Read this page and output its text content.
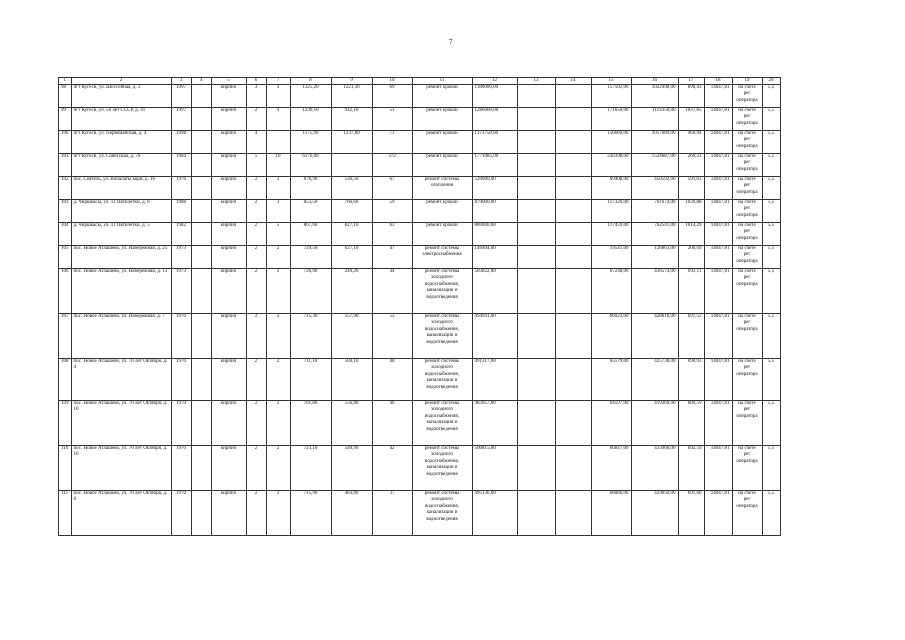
7
1	2	3	4	5	6	7	8	9	10	11	12	13	14	15	16	17	18	19	20
98	пгт Кугеси, ул. Шоссейная, д. 2	1997		кирпич	3	3	1325,20	1221,30	69	ремонт кровли	1180000,00			157502,00	1022498,00	890,43	14047,81	на счете рег оператора	5,5
99	пгт Кугеси, ул. 50 лет СССР, д. 41	1997		кирпич	2	4	1239,10	942,10	51	ремонт кровли	1286000,00			171650,00	1114350,00	1037,85	14047,81	на счете рег оператора	5,5
100	пгт Кугеси, ул. Первомайская, д. 4	1998		кирпич	4		1175,90	1237,80	71	ремонт кровли	1173758,00			156669,00	1017089,00	960,94	14047,81	на счете рег оператора	5,5
101	пгт Кугеси, ул. Советская, д. 76	1984		кирпич	5	10	6376,00		372	ремонт кровли	1771085,00			236398,00	1534687,00	269,33	14047,81	на счете рег оператора	5,5
102	пос. Сеятель, ул. Вопалаты кори, д. 16	1976		кирпич	2	3	878,90	530,50	67	ремонт системы отопления	520000,00			69408,00	450592,00	591,63	14047,81	на счете рег оператора	5,5
103	д. Чиршкасы, ул. 11 Пятилетки, д. 6	1988		кирпич	2	3	853,50	766,60	59	ремонт кровли	879000,00			117326,00	761674,00	1020,88	14047,81	на счете рег оператора	5,5
104	д. Чиршкасы, ул. 11 Пятилетки, д. 5	1982		кирпич	2	5	867,60	827,10	63	ремонт кровли	880000,00			117459,00	762541,00	1014,29	14047,81	на счете рег оператора	5,5
105	пос. Новое Атлашево, ул. Набережная, д. 25	1973		кирпич	2	2	729,50	627,10	47	ремонт системы электроснабжения	146404,00			19541,00	126863,00	200,69	14047,81	на счете рег оператора	5,5
106	пос. Новое Атлашево, ул. Набережная, д. 13	1973		кирпич	2	2	726,90	249,20	44	ремонт системы холодного водоснабжения, канализации и водоотведения	503822,00			67248,00	436574,00	693,11	14047,81	на счете рег оператора	5,5
107	пос. Новое Атлашево, ул. Набережная, д. 7	1970		кирпич	2	2	715,30	557,90	52	ремонт системы холодного водоснабжения, канализации и водоотведения	494641,00			66023,00	428618,00	691,52	14047,81	на счете рег оператора	5,5
108	пос. Новое Атлашево, ул. 70 лет Октября, д. 4	1970		кирпич	2	2	711,10	504,10	48	ремонт системы холодного водоснабжения, канализации и водоотведения	491317,00			65579,00	425738,00	690,93	14047,81	на счете рег оператора	5,5
109	пос. Новое Атлашево, ул. 70 лет Октября, д. 10	1970		кирпич	2	2	701,80	556,80	46	ремонт системы холодного водоснабжения, канализации и водоотведения	483957,00			64597,00	419360,00	689,59	14047,81	на счете рег оператора	5,5
110	пос. Новое Атлашево, ул. 70 лет Октября, д. 16	1970		кирпич	2	2	723,10	540,90	42	ремонт системы холодного водоснабжения, канализации и водоотведения	500815,00			66847,00	433968,00	692,59	14047,81	на счете рег оператора	5,5
111	пос. Новое Атлашево, ул. 70 лет Октября, д. 8	1970		кирпич	2	2	715,90	483,80	37	ремонт системы холодного водоснабжения, канализации и водоотведения	495136,00			66086,00	429050,00	691,60	14047,81	на счете рег оператора	5,5
